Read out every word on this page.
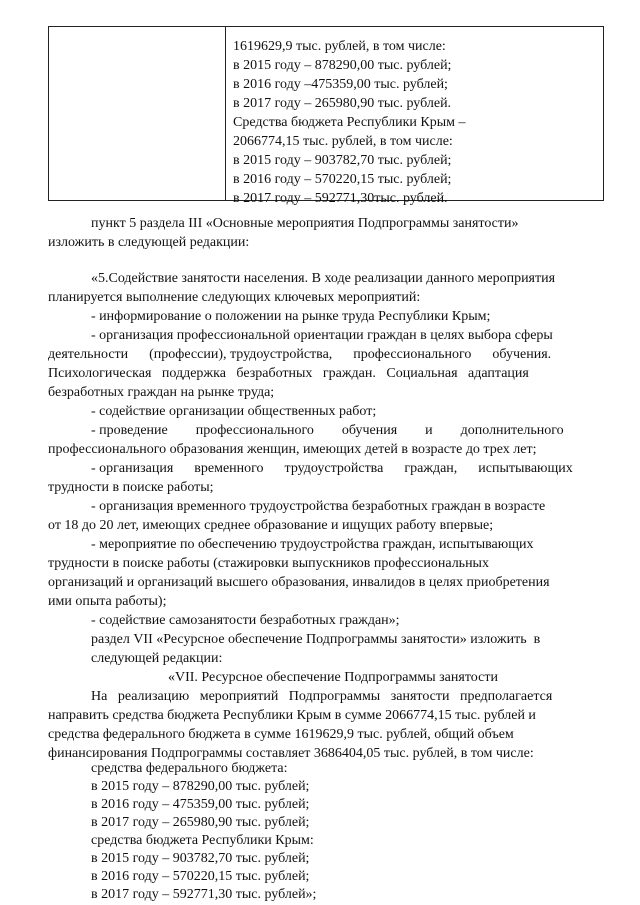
1619629,9 тыс. рублей, в том числе:
в 2015 году – 878290,00 тыс. рублей;
в 2016 году –475359,00 тыс. рублей;
в 2017 году – 265980,90 тыс. рублей.
Средства бюджета Республики Крым –
2066774,15 тыс. рублей, в том числе:
в 2015 году – 903782,70 тыс. рублей;
в 2016 году – 570220,15 тыс. рублей;
в 2017 году – 592771,30тыс. рублей.
пункт 5 раздела III «Основные мероприятия Подпрограммы занятости»
изложить в следующей редакции:
«5.Содействие занятости населения. В ходе реализации данного мероприятия
планируется выполнение следующих ключевых мероприятий:
- информирование о положении на рынке труда Республики Крым;
- организация профессиональной ориентации граждан в целях выбора сферы
деятельности      (профессии), трудоустройства,      профессионального      обучения.
Психологическая   поддержка   безработных   граждан.   Социальная   адаптация
безработных граждан на рынке труда;
- содействие организации общественных работ;
- проведение        профессионального        обучения        и        дополнительного
профессионального образования женщин, имеющих детей в возрасте до трех лет;
- организация      временного      трудоустройства      граждан,      испытывающих
трудности в поиске работы;
- организация временного трудоустройства безработных граждан в возрасте
от 18 до 20 лет, имеющих среднее образование и ищущих работу впервые;
- мероприятие по обеспечению трудоустройства граждан, испытывающих
трудности в поиске работы (стажировки выпускников профессиональных
организаций и организаций высшего образования, инвалидов в целях приобретения
ими опыта работы);
- содействие самозанятости безработных граждан»;
раздел VII «Ресурсное обеспечение Подпрограммы занятости» изложить  в
следующей редакции:
«VII. Ресурсное обеспечение Подпрограммы занятости
На   реализацию   мероприятий   Подпрограммы   занятости   предполагается
направить средства бюджета Республики Крым в сумме 2066774,15 тыс. рублей и
средства федерального бюджета в сумме 1619629,9 тыс. рублей, общий объем
финансирования Подпрограммы составляет 3686404,05 тыс. рублей, в том числе:
средства федерального бюджета:
в 2015 году – 878290,00 тыс. рублей;
в 2016 году – 475359,00 тыс. рублей;
в 2017 году – 265980,90 тыс. рублей;
средства бюджета Республики Крым:
в 2015 году – 903782,70 тыс. рублей;
в 2016 году – 570220,15 тыс. рублей;
в 2017 году – 592771,30 тыс. рублей»;
